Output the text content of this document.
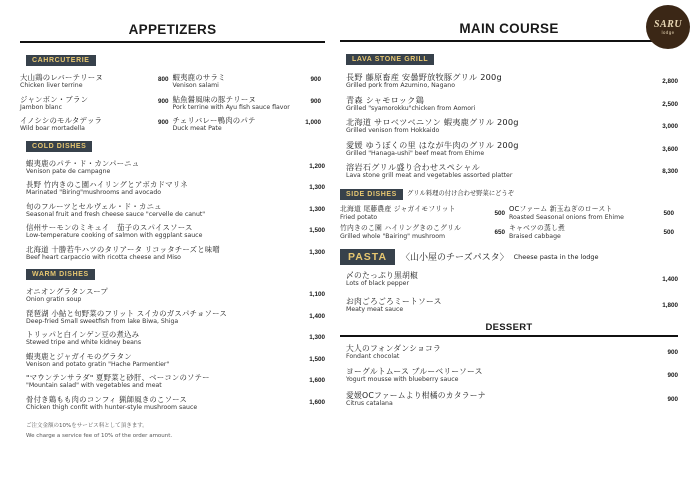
APPETIZERS
CAHRCUTERIE
大山鶏のレバーテリーヌ
Chicken liver terrine
800
ジャンボン・ブラン
Jambon blanc
900
イノシシのモルタデッラ
Wild boar mortadella
900
蝦夷鹿のサラミ
Venison salami
900
鮎魚醤風味の豚テリーヌ
Pork terrine with Ayu fish sauce flavor
900
チェリバレー鴨肉のパテ
Duck meat Pate
1,000
COLD DISHES
蝦夷鹿のパテ・ド・カンパーニュ
Venison pate de campagne
1,200
長野 竹内きのこ園ハイリングとアボカドマリネ
Marinated "Biring"mushrooms and avocado
1,300
旬のフルーツとセルヴェル・ド・カニュ
Seasonal fruit and fresh cheese sauce "cervelle de canut"
1,300
信州サーモンのミキュイ　茄子のスパイスソース
Low-temperature cooking of salmon with eggplant sauce
1,500
北海道 十勝若牛ハツのタリアータ リコッタチーズと味噌
Beef heart carpaccio with ricotta cheese and Miso
1,300
WARM DISHES
オニオングラタンスープ
Onion gratin soup
1,100
琵琶湖 小鮎と旬野菜のフリット スイカのガスパチョソース
Deep-fried Small sweetfish from lake Biwa, Shiga
1,400
トリッパと白インゲン豆の煮込み
Stewed tripe and white kidney beans
1,300
蝦夷鹿とジャガイモのグラタン
Venison and potato gratin "Hache Parmentier"
1,500
"マウンテンサラダ" 夏野菜と砂肝、ベーコンのソテー
"Mountain salad" with vegetables and meat
1,600
骨付き鶏もも肉のコンフィ 猟師風きのこソース
Chicken thigh confit with hunter-style mushroom sauce
1,600
ご注文金額の10%をサービス料として頂きます。
We charge a service fee of 10% of the order amount.
MAIN COURSE
LAVA STONE GRILL
長野 藤原畜産 安曇野放牧豚グリル 200g
Grilled pork from Azumino, Nagano
2,800
青森 シャモロック鶏
Grilled "syamorokku"chicken from Aomori
2,500
北海道 サロベツベニソン 蝦夷鹿グリル 200g
Grilled venison from Hokkaido
3,000
愛媛 ゆうぼくの里 はなが牛肉のグリル 200g
Grilled "Hanaga-ushi" beef meat from Ehime
3,600
溶岩石グリル盛り合わせスペシャル
Lava stone grill meat and vegetables assorted platter
8,300
SIDE DISHES	グリル料理の付け合わせ野菜にどうぞ
北海道 尾藤農産 ジャガイモフリット
Fried potato
500
竹内きのこ園 ハイリングきのこグリル
Grilled whole "Bairing" mushroom
650
OCファーム 新玉ねぎのロースト
Roasted Seasonal onions from Ehime
500
キャベツの蒸し煮
Braised cabbage
500
PASTA	〈山小屋のチーズパスタ〉 Cheese pasta in the lodge
〆のたっぷり黒胡椒
Lots of black pepper
1,400
お肉ごろごろミートソース
Meaty meat sauce
1,800
DESSERT
大人のフォンダンショコラ
Fondant chocolat
900
ヨーグルトムース ブルーベリーソース
Yogurt mousse with blueberry sauce
900
愛媛OCファームより柑橘のカタラーナ
Citrus catalana
900
SARU
lodge
